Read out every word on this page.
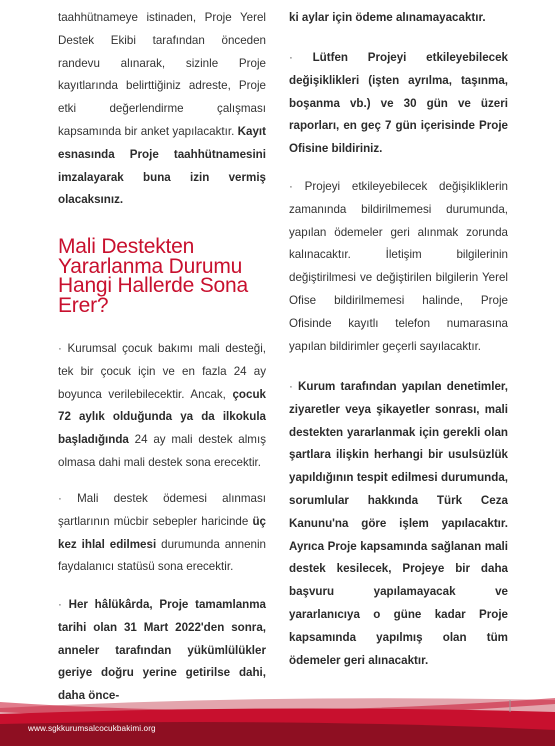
taahhütnameye istinaden, Proje Yerel Destek Ekibi tarafından önceden randevu alınarak, sizinle Proje kayıtlarında belirttiğiniz adreste, Proje etki değerlendirme çalışması kapsamında bir anket yapılacaktır. Kayıt esnasında Proje taahhütnamesini imzalayarak buna izin vermiş olacaksınız.

Mali Destekten Yararlanma Durumu Hangi Hallerde Sona Erer?

· Kurumsal çocuk bakımı mali desteği, tek bir çocuk için ve en fazla 24 ay boyunca verilebilecektir. Ancak, çocuk 72 aylık olduğunda ya da ilkokula başladığında 24 ay mali destek almış olmasa dahi mali destek sona erecektir.

· Mali destek ödemesi alınması şartlarının mücbir sebepler haricinde üç kez ihlal edilmesi durumunda annenin faydalanıcı statüsü sona erecektir.

· Her hâlükârda, Proje tamamlanma tarihi olan 31 Mart 2022'den sonra, anneler tarafından yükümlülükler geriye doğru yerine getirilse dahi, daha önce-

ki aylar için ödeme alınamayacaktır.

· Lütfen Projeyi etkileyebilecek değişiklikleri (işten ayrılma, taşınma, boşanma vb.) ve 30 gün ve üzeri raporları, en geç 7 gün içerisinde Proje Ofisine bildiriniz.

· Projeyi etkileyebilecek değişikliklerin zamanında bildirilmemesi durumunda, yapılan ödemeler geri alınmak zorunda kalınacaktır. İletişim bilgilerinin değiştirilmesi ve değiştirilen bilgilerin Yerel Ofise bildirilmemesi halinde, Proje Ofisinde kayıtlı telefon numarasına yapılan bildirimler geçerli sayılacaktır.

· Kurum tarafından yapılan denetimler, ziyaretler veya şikayetler sonrası, mali destekten yararlanmak için gerekli olan şartlara ilişkin herhangi bir usulsüzlük yapıldığının tespit edilmesi durumunda, sorumlular hakkında Türk Ceza Kanunu'na göre işlem yapılacaktır. Ayrıca Proje kapsamında sağlanan mali destek kesilecek, Projeye bir daha başvuru yapılamayacak ve yararlanıcıya o güne kadar Proje kapsamında yapılmış olan tüm ödemeler geri alınacaktır.

www.sgkkurumsalcocukbakimi.org
